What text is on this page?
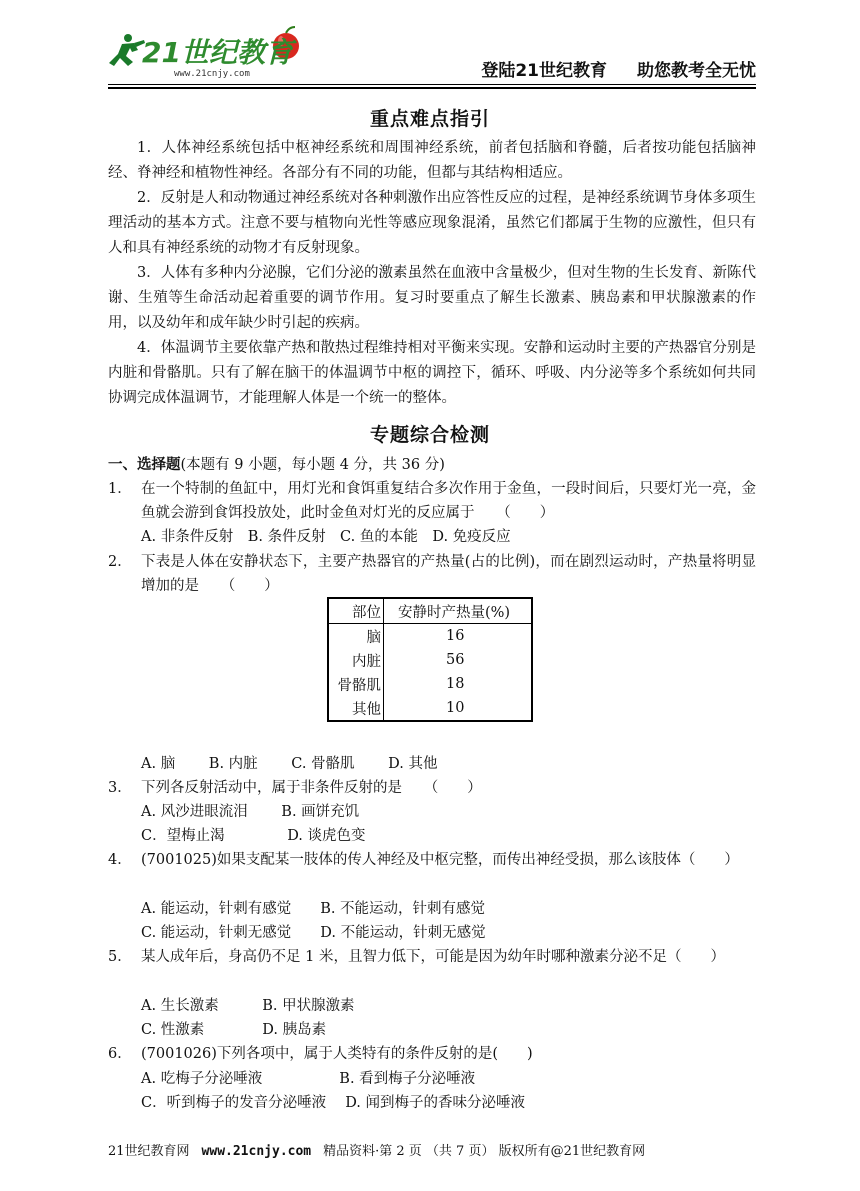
21世纪教育
www.21cnjy.com	登陆21世纪教育 助您教考全无忧
重点难点指引
1．人体神经系统包括中枢神经系统和周围神经系统，前者包括脑和脊髓，后者按功能包括脑神经、脊神经和植物性神经。各部分有不同的功能，但都与其结构相适应。
2．反射是人和动物通过神经系统对各种刺激作出应答性反应的过程，是神经系统调节身体多项生理活动的基本方式。注意不要与植物向光性等感应现象混淆，虽然它们都属于生物的应激性，但只有人和具有神经系统的动物才有反射现象。
3．人体有多种内分泌腺，它们分泌的激素虽然在血液中含量极少，但对生物的生长发育、新陈代谢、生殖等生命活动起着重要的调节作用。复习时要重点了解生长激素、胰岛素和甲状腺激素的作用，以及幼年和成年缺少时引起的疾病。
4．体温调节主要依靠产热和散热过程维持相对平衡来实现。安静和运动时主要的产热器官分别是内脏和骨骼肌。只有了解在脑干的体温调节中枢的调控下，循环、呼吸、内分泌等多个系统如何共同协调完成体温调节，才能理解人体是一个统一的整体。
专题综合检测
一、选择题(本题有 9 小题，每小题 4 分，共 36 分)
1． 在一个特制的鱼缸中，用灯光和食饵重复结合多次作用于金鱼，一段时间后，只要灯光一亮，金鱼就会游到食饵投放处，此时金鱼对灯光的反应属于　　（　　）
A. 非条件反射　B. 条件反射　C. 鱼的本能　D. 免疫反应
2． 下表是人体在安静状态下，主要产热器官的产热量(占的比例)，而在剧烈运动时，产热量将明显增加的是　　（　　）
部位	安静时产热量(%)
脑	16
内脏	56
骨骼肌	18
其他	10
A. 脑　　 B. 内脏　　 C. 骨骼肌　　 D. 其他
3． 下列各反射活动中，属于非条件反射的是　　（　　）
A. 风沙进眼流泪　　 B. 画饼充饥
C．望梅止渴　　　　 D. 谈虎色变
4． (7001025)如果支配某一肢体的传人神经及中枢完整，而传出神经受损，那么该肢体（　　）
A. 能运动，针刺有感觉　　B. 不能运动，针刺有感觉
C. 能运动，针刺无感觉　　D. 不能运动，针刺无感觉
5． 某人成年后，身高仍不足 1 米，且智力低下，可能是因为幼年时哪种激素分泌不足（　　）
A. 生长激素　　　B. 甲状腺激素
C. 性激素　　　　D. 胰岛素
6． (7001026)下列各项中，属于人类特有的条件反射的是(　　)
A. 吃梅子分泌唾液　　　　　 B. 看到梅子分泌唾液
C．听到梅子的发音分泌唾液　 D. 闻到梅子的香味分泌唾液
21世纪教育网 www.21cnjy.com 精品资料·第 2 页 （共 7 页） 版权所有@21世纪教育网
